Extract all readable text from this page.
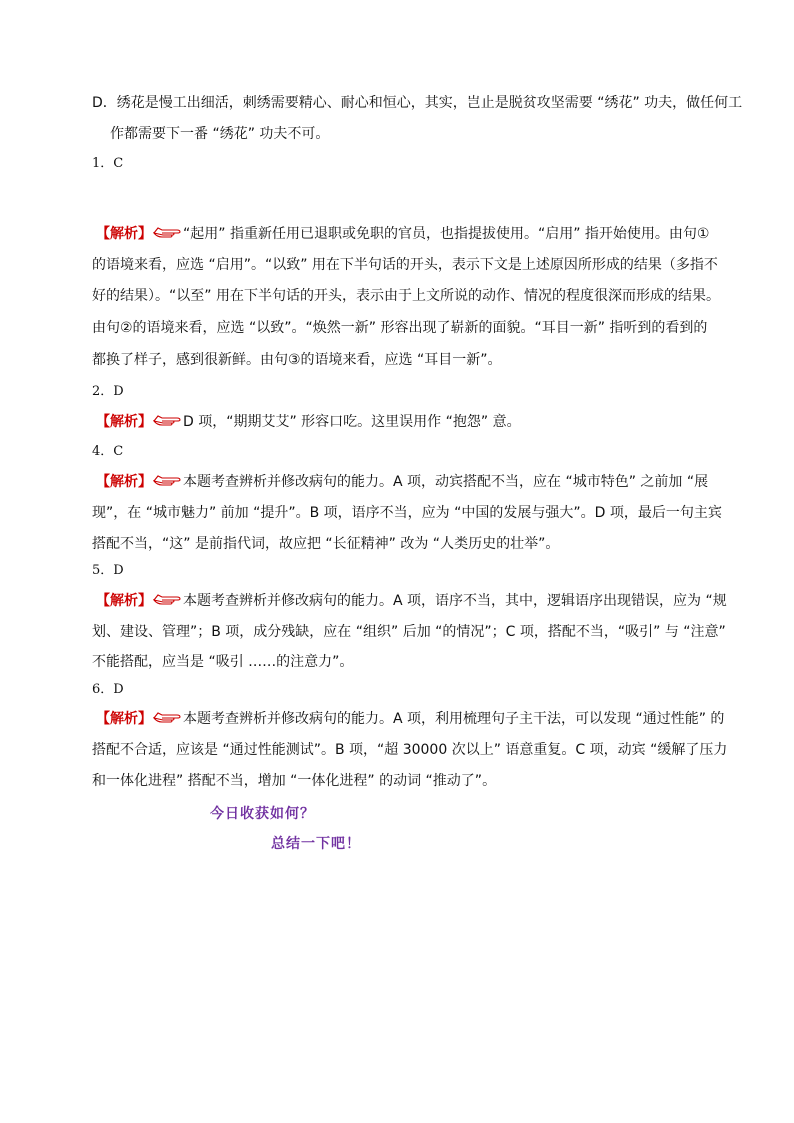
D．绣花是慢工出细活，刺绣需要精心、耐心和恒心，其实，岂止是脱贫攻坚需要 “绣花” 功夫，做任何工
作都需要下一番 “绣花” 功夫不可。
1．C
【解析】 “起用” 指重新任用已退职或免职的官员，也指提拔使用。“启用” 指开始使用。由句①
的语境来看，应选 “启用”。“以致” 用在下半句话的开头，表示下文是上述原因所形成的结果（多指不
好的结果）。“以至” 用在下半句话的开头，表示由于上文所说的动作、情况的程度很深而形成的结果。
由句②的语境来看，应选 “以致”。“焕然一新” 形容出现了崭新的面貌。“耳目一新” 指听到的看到的
都换了样子，感到很新鲜。由句③的语境来看，应选 “耳目一新”。
2．D
【解析】 D 项，“期期艾艾” 形容口吃。这里误用作 “抱怨” 意。
4．C
【解析】 本题考查辨析并修改病句的能力。A 项，动宾搭配不当，应在 “城市特色” 之前加 “展
现”，在 “城市魅力” 前加 “提升”。B 项，语序不当，应为 “中国的发展与强大”。D 项，最后一句主宾
搭配不当，“这” 是前指代词，故应把 “长征精神” 改为 “人类历史的壮举”。
5．D
【解析】 本题考查辨析并修改病句的能力。A 项，语序不当，其中，逻辑语序出现错误，应为 “规
划、建设、管理”；B 项，成分残缺，应在 “组织” 后加 “的情况”；C 项，搭配不当，“吸引” 与 “注意”
不能搭配，应当是 “吸引 ……的注意力”。
6．D
【解析】 本题考查辨析并修改病句的能力。A 项，利用梳理句子主干法，可以发现 “通过性能” 的
搭配不合适，应该是 “通过性能测试”。B 项，“超 30000 次以上” 语意重复。C 项，动宾 “缓解了压力
和一体化进程” 搭配不当，增加 “一体化进程” 的动词 “推动了”。
今日收获如何？
总结一下吧！
